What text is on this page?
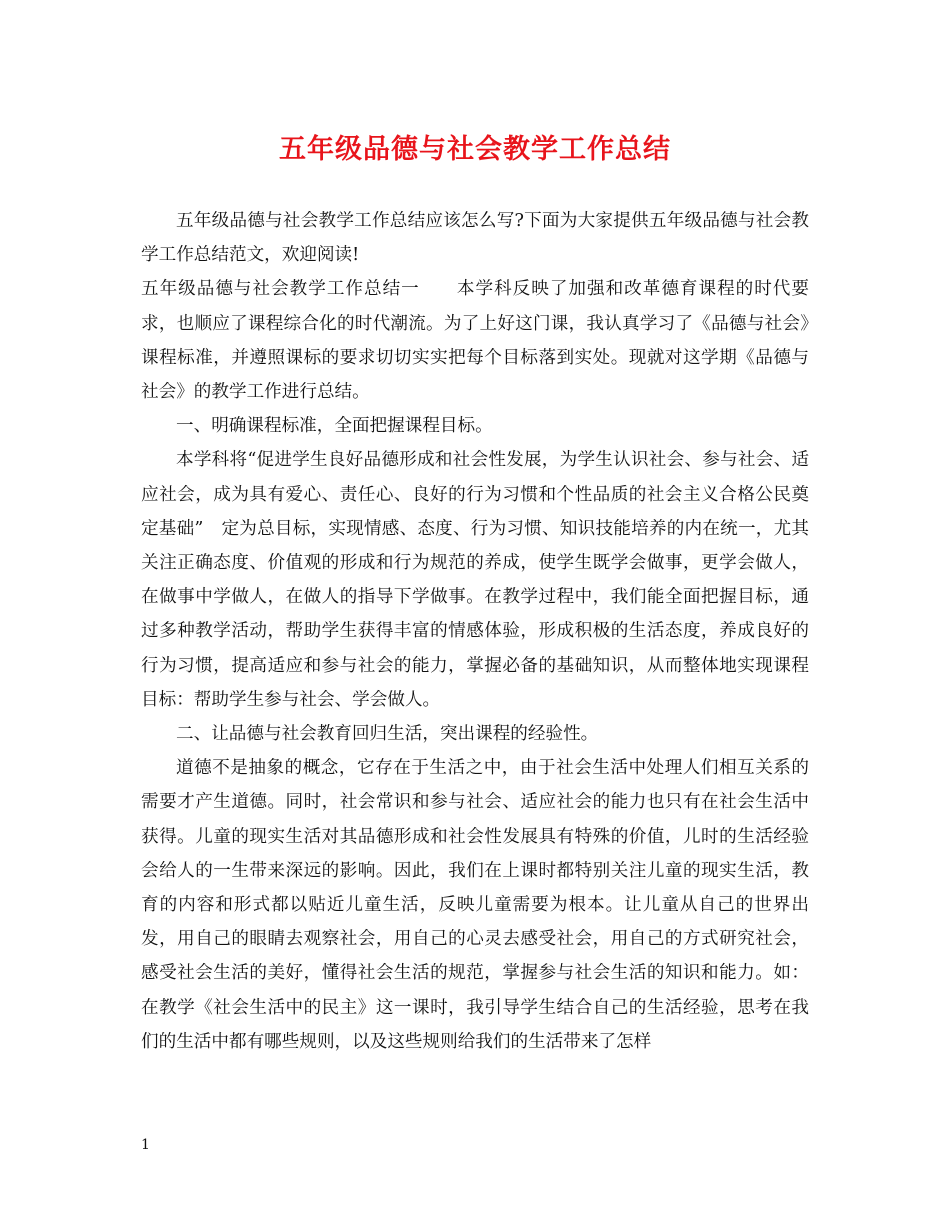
五年级品德与社会教学工作总结

五年级品德与社会教学工作总结应该怎么写?下面为大家提供五年级品德与社会教学工作总结范文，欢迎阅读!

五年级品德与社会教学工作总结一　　本学科反映了加强和改革德育课程的时代要求，也顺应了课程综合化的时代潮流。为了上好这门课，我认真学习了《品德与社会》课程标准，并遵照课标的要求切切实实把每个目标落到实处。现就对这学期《品德与社会》的教学工作进行总结。

一、明确课程标准，全面把握课程目标。

本学科将“促进学生良好品德形成和社会性发展，为学生认识社会、参与社会、适应社会，成为具有爱心、责任心、良好的行为习惯和个性品质的社会主义合格公民奠定基础”　定为总目标，实现情感、态度、行为习惯、知识技能培养的内在统一，尤其关注正确态度、价值观的形成和行为规范的养成，使学生既学会做事，更学会做人，在做事中学做人，在做人的指导下学做事。在教学过程中，我们能全面把握目标，通过多种教学活动，帮助学生获得丰富的情感体验，形成积极的生活态度，养成良好的行为习惯，提高适应和参与社会的能力，掌握必备的基础知识，从而整体地实现课程目标：帮助学生参与社会、学会做人。

二、让品德与社会教育回归生活，突出课程的经验性。

道德不是抽象的概念，它存在于生活之中，由于社会生活中处理人们相互关系的需要才产生道德。同时，社会常识和参与社会、适应社会的能力也只有在社会生活中获得。儿童的现实生活对其品德形成和社会性发展具有特殊的价值，儿时的生活经验会给人的一生带来深远的影响。因此，我们在上课时都特别关注儿童的现实生活，教育的内容和形式都以贴近儿童生活，反映儿童需要为根本。让儿童从自己的世界出发，用自己的眼睛去观察社会，用自己的心灵去感受社会，用自己的方式研究社会，感受社会生活的美好，懂得社会生活的规范，掌握参与社会生活的知识和能力。如：在教学《社会生活中的民主》这一课时，我引导学生结合自己的生活经验，思考在我们的生活中都有哪些规则，以及这些规则给我们的生活带来了怎样

1
